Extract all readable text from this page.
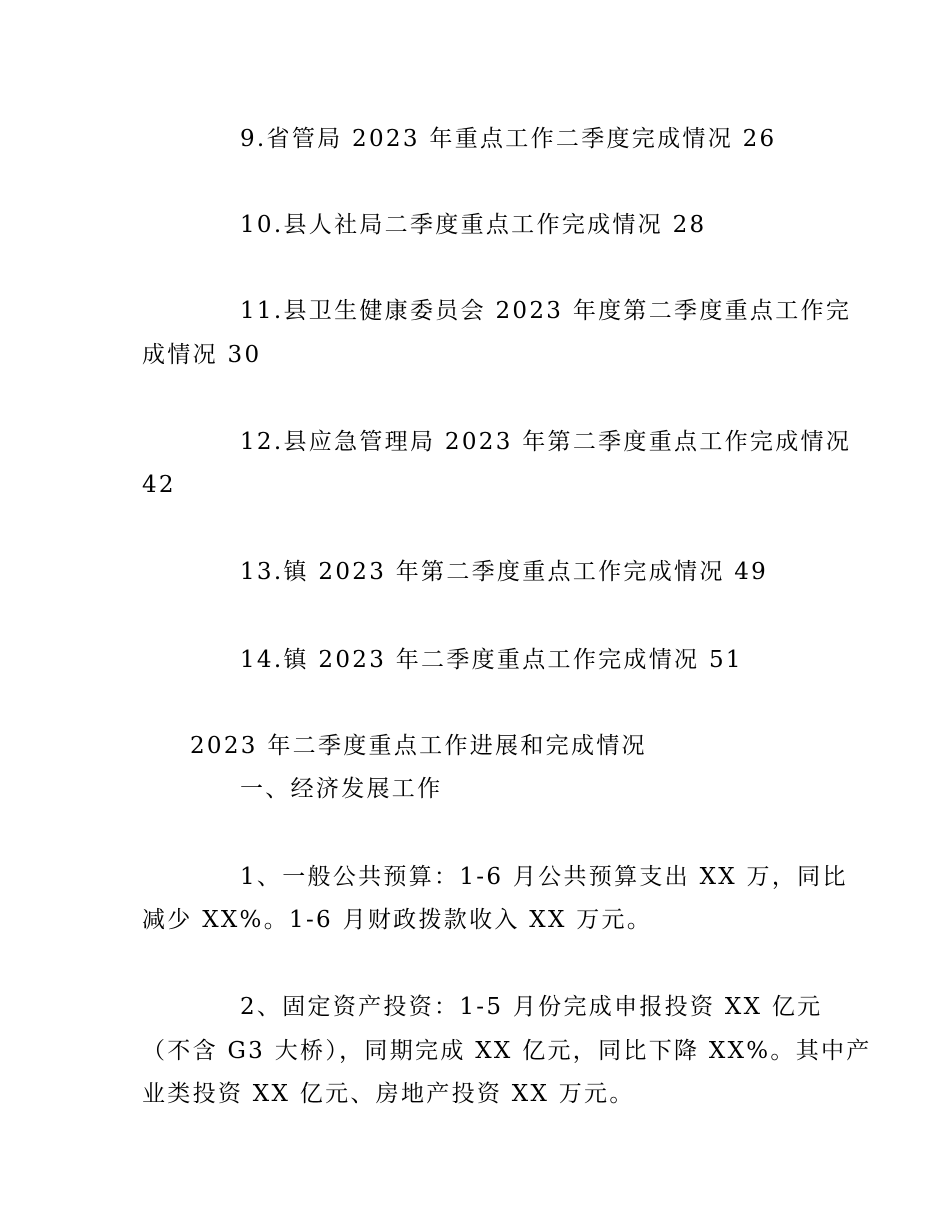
9.省管局 2023 年重点工作二季度完成情况 26
10.县人社局二季度重点工作完成情况 28
11.县卫生健康委员会 2023 年度第二季度重点工作完
成情况 30
12.县应急管理局 2023 年第二季度重点工作完成情况
42
13.镇 2023 年第二季度重点工作完成情况 49
14.镇 2023 年二季度重点工作完成情况 51
2023 年二季度重点工作进展和完成情况
一、经济发展工作
1、一般公共预算：1-6 月公共预算支出 XX 万，同比
减少 XX%。1-6 月财政拨款收入 XX 万元。
2、固定资产投资：1-5 月份完成申报投资 XX 亿元
（不含 G3 大桥），同期完成 XX 亿元，同比下降 XX%。其中产
业类投资 XX 亿元、房地产投资 XX 万元。
